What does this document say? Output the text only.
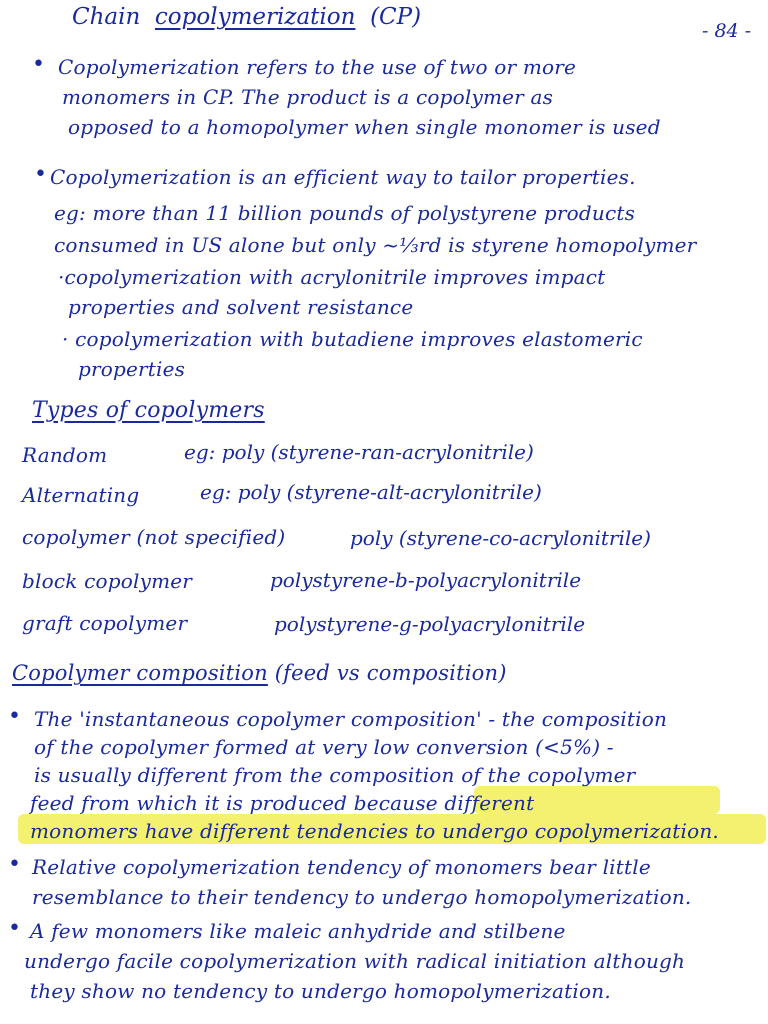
Chain copolymerization (CP)
- 84 -
• Copolymerization refers to the use of two or more
monomers in CP. The product is a copolymer as
opposed to a homopolymer when single monomer is used
• Copolymerization is an efficient way to tailor properties.
eg: more than 11 billion pounds of polystyrene products
consumed in US alone but only ~⅓rd is styrene homopolymer
·copolymerization with acrylonitrile improves impact
properties and solvent resistance
· copolymerization with butadiene improves elastomeric
properties
Types of copolymers
Random	eg: poly (styrene-ran-acrylonitrile)
Alternating	eg: poly (styrene-alt-acrylonitrile)
copolymer (not specified)	poly (styrene-co-acrylonitrile)
block copolymer	polystyrene-b-polyacrylonitrile
graft copolymer	polystyrene-g-polyacrylonitrile
Copolymer composition (feed vs composition)
• The 'instantaneous copolymer composition' - the composition
of the copolymer formed at very low conversion (<5%) -
is usually different from the composition of the copolymer
feed from which it is produced because different
monomers have different tendencies to undergo copolymerization.
• Relative copolymerization tendency of monomers bear little
resemblance to their tendency to undergo homopolymerization.
• A few monomers like maleic anhydride and stilbene
undergo facile copolymerization with radical initiation although
they show no tendency to undergo homopolymerization.
